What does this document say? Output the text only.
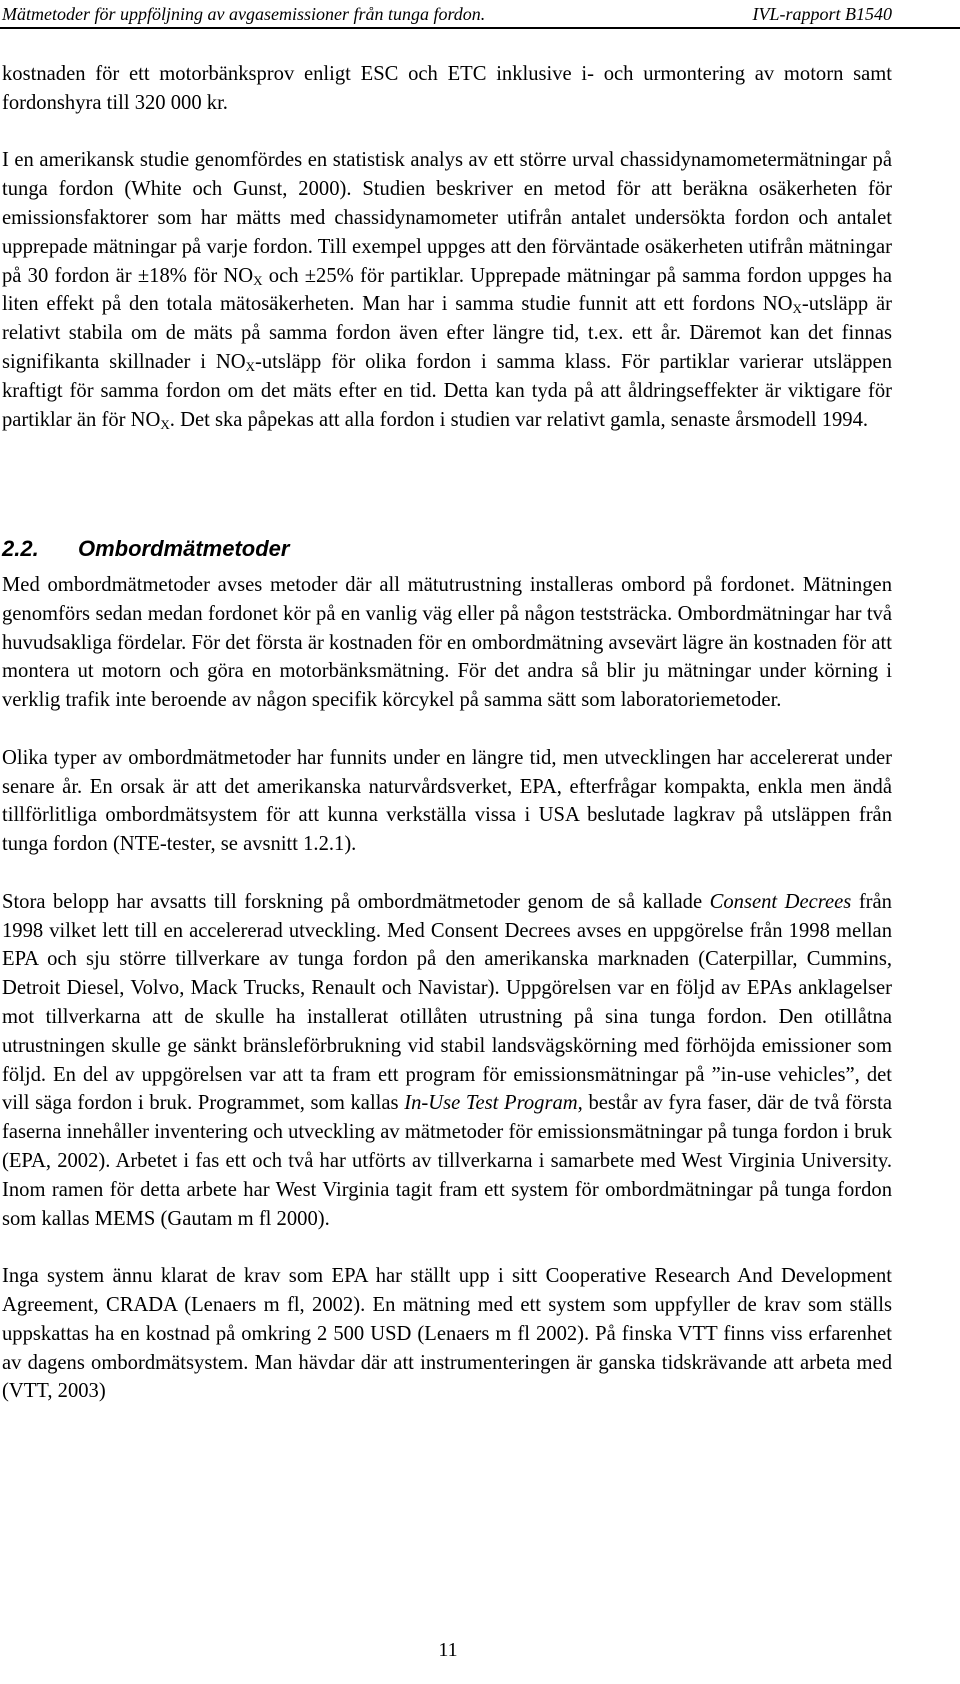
Mätmetoder för uppföljning av avgasemissioner från tunga fordon.	IVL-rapport B1540

kostnaden för ett motorbänksprov enligt ESC och ETC inklusive i- och urmontering av motorn samt fordonshyra till 320 000 kr.

I en amerikansk studie genomfördes en statistisk analys av ett större urval chassidynamometermätningar på tunga fordon (White och Gunst, 2000). Studien beskriver en metod för att beräkna osäkerheten för emissionsfaktorer som har mätts med chassidynamometer utifrån antalet undersökta fordon och antalet upprepade mätningar på varje fordon. Till exempel uppges att den förväntade osäkerheten utifrån mätningar på 30 fordon är ±18% för $NO_X$ och ±25% för partiklar. Upprepade mätningar på samma fordon uppges ha liten effekt på den totala mätosäkerheten. Man har i samma studie funnit att ett fordons $NO_X$-utsläpp är relativt stabila om de mäts på samma fordon även efter längre tid, t.ex. ett år. Däremot kan det finnas signifikanta skillnader i $NO_X$-utsläpp för olika fordon i samma klass. För partiklar varierar utsläppen kraftigt för samma fordon om det mäts efter en tid. Detta kan tyda på att åldringseffekter är viktigare för partiklar än för $NO_X$. Det ska påpekas att alla fordon i studien var relativt gamla, senaste årsmodell 1994.

2.2. Ombordmätmetoder

Med ombordmätmetoder avses metoder där all mätutrustning installeras ombord på fordonet. Mätningen genomförs sedan medan fordonet kör på en vanlig väg eller på någon teststräcka. Ombordmätningar har två huvudsakliga fördelar. För det första är kostnaden för en ombordmätning avsevärt lägre än kostnaden för att montera ut motorn och göra en motorbänksmätning. För det andra så blir ju mätningar under körning i verklig trafik inte beroende av någon specifik körcykel på samma sätt som laboratoriemetoder.

Olika typer av ombordmätmetoder har funnits under en längre tid, men utvecklingen har accelererat under senare år. En orsak är att det amerikanska naturvårdsverket, EPA, efterfrågar kompakta, enkla men ändå tillförlitliga ombordmätsystem för att kunna verkställa vissa i USA beslutade lagkrav på utsläppen från tunga fordon (NTE-tester, se avsnitt 1.2.1).

Stora belopp har avsatts till forskning på ombordmätmetoder genom de så kallade Consent Decrees från 1998 vilket lett till en accelererad utveckling. Med Consent Decrees avses en uppgörelse från 1998 mellan EPA och sju större tillverkare av tunga fordon på den amerikanska marknaden (Caterpillar, Cummins, Detroit Diesel, Volvo, Mack Trucks, Renault och Navistar). Uppgörelsen var en följd av EPAs anklagelser mot tillverkarna att de skulle ha installerat otillåten utrustning på sina tunga fordon. Den otillåtna utrustningen skulle ge sänkt bränsleförbrukning vid stabil landsvägskörning med förhöjda emissioner som följd. En del av uppgörelsen var att ta fram ett program för emissionsmätningar på ”in-use vehicles”, det vill säga fordon i bruk. Programmet, som kallas In-Use Test Program, består av fyra faser, där de två första faserna innehåller inventering och utveckling av mätmetoder för emissionsmätningar på tunga fordon i bruk (EPA, 2002). Arbetet i fas ett och två har utförts av tillverkarna i samarbete med West Virginia University. Inom ramen för detta arbete har West Virginia tagit fram ett system för ombordmätningar på tunga fordon som kallas MEMS (Gautam m fl 2000).

Inga system ännu klarat de krav som EPA har ställt upp i sitt Cooperative Research And Development Agreement, CRADA (Lenaers m fl, 2002). En mätning med ett system som uppfyller de krav som ställs uppskattas ha en kostnad på omkring 2 500 USD (Lenaers m fl 2002). På finska VTT finns viss erfarenhet av dagens ombordmätsystem. Man hävdar där att instrumenteringen är ganska tidskrävande att arbeta med (VTT, 2003)

11
